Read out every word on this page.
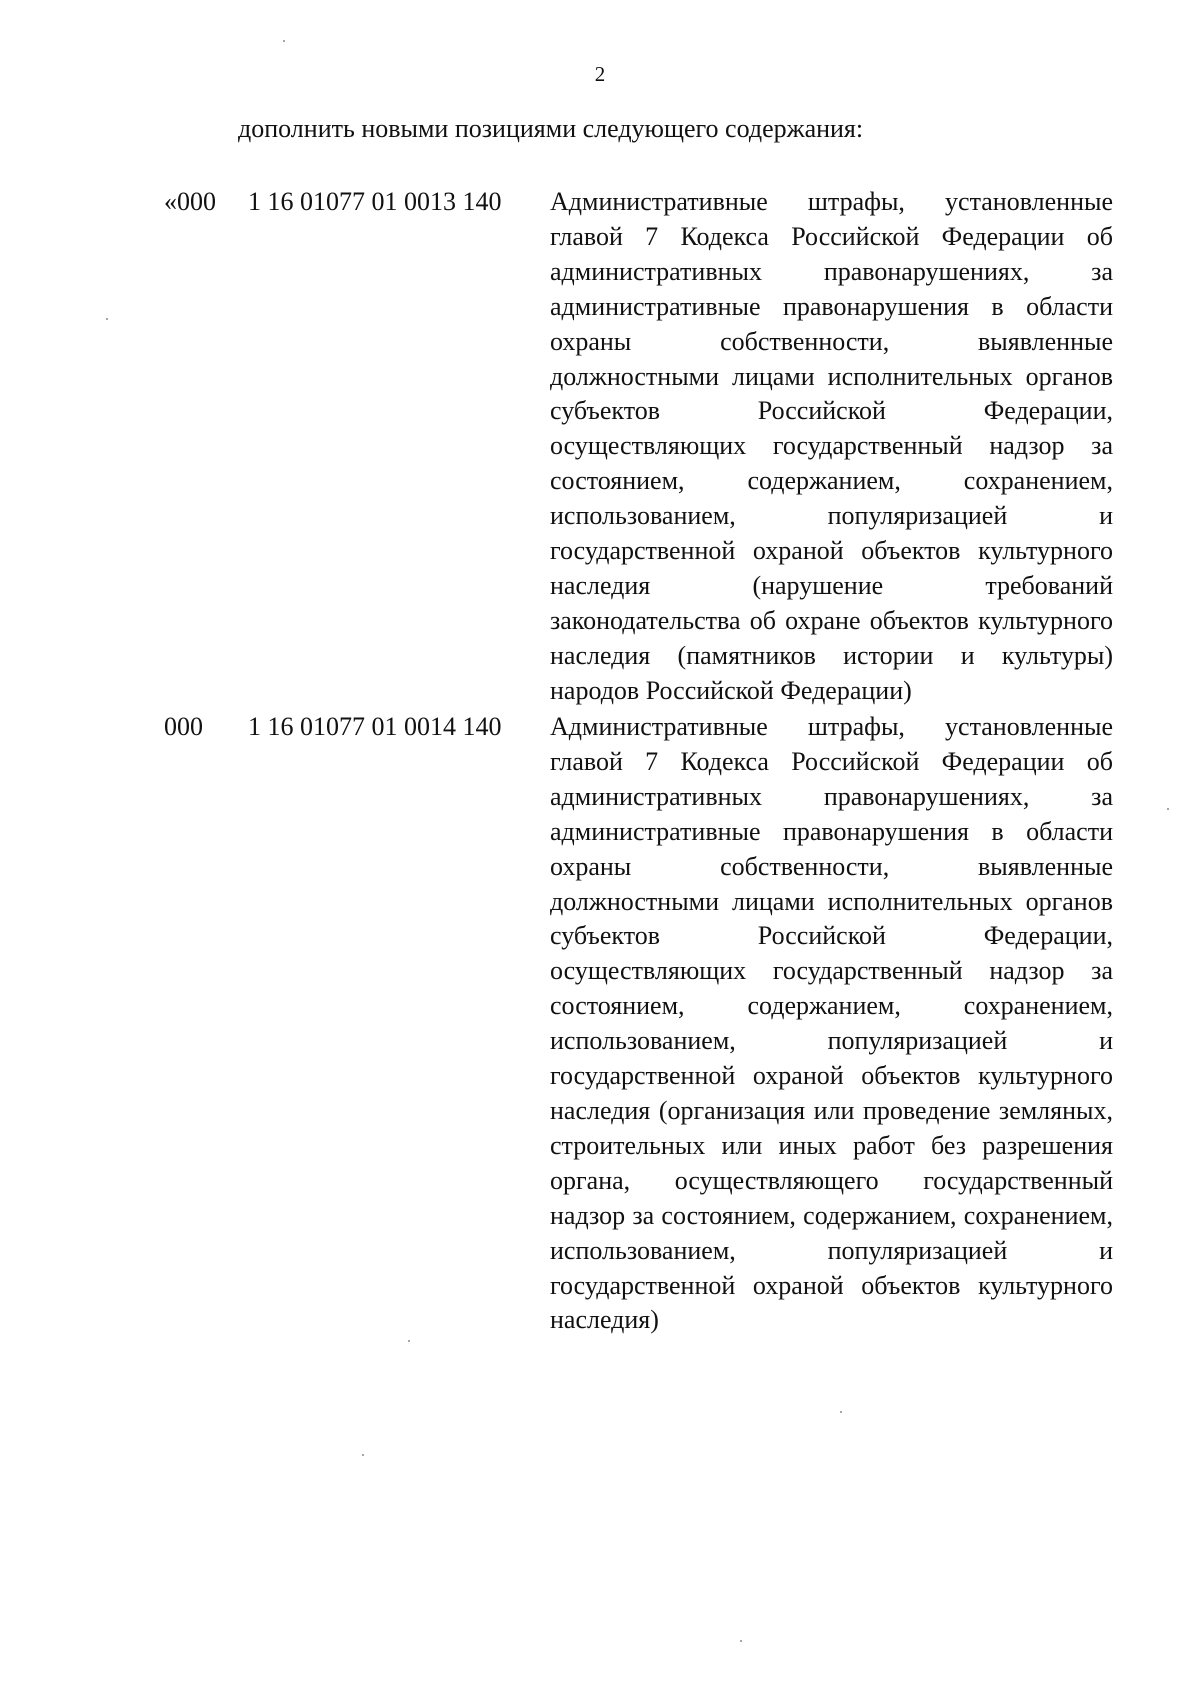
2
дополнить новыми позициями следующего содержания:
«000 1 16 01077 01 0013 140 Административные штрафы, установленные главой 7 Кодекса Российской Федерации об административных правонарушениях, за административные правонарушения в области охраны собственности, выявленные должностными лицами исполнительных органов субъектов Российской Федерации, осуществляющих государственный надзор за состоянием, содержанием, сохранением, использованием, популяризацией и государственной охраной объектов культурного наследия (нарушение требований законодательства об охране объектов культурного наследия (памятников истории и культуры) народов Российской Федерации)
000 1 16 01077 01 0014 140 Административные штрафы, установленные главой 7 Кодекса Российской Федерации об административных правонарушениях, за административные правонарушения в области охраны собственности, выявленные должностными лицами исполнительных органов субъектов Российской Федерации, осуществляющих государственный надзор за состоянием, содержанием, сохранением, использованием, популяризацией и государственной охраной объектов культурного наследия (организация или проведение земляных, строительных или иных работ без разрешения органа, осуществляющего государственный надзор за состоянием, содержанием, сохранением, использованием, популяризацией и государственной охраной объектов культурного наследия)
